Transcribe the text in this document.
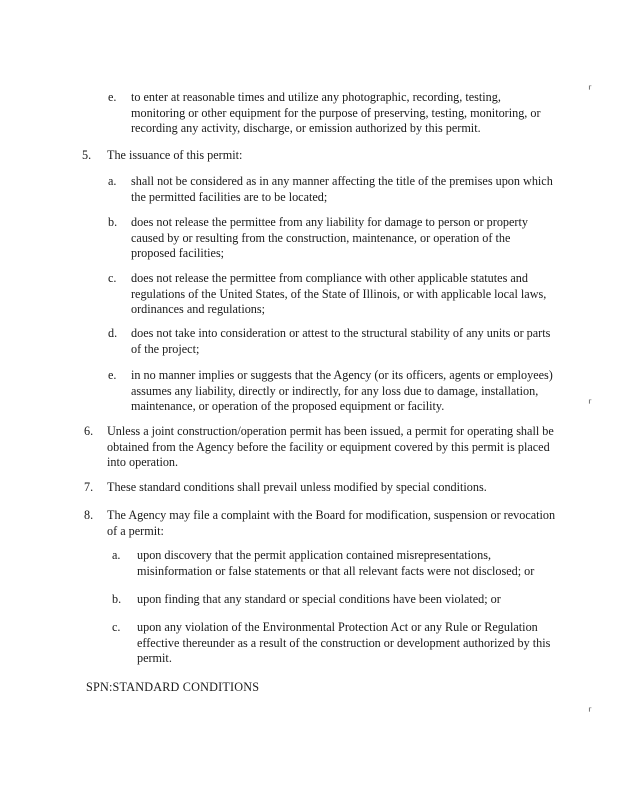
e. to enter at reasonable times and utilize any photographic, recording, testing,
monitoring or other equipment for the purpose of preserving, testing, monitoring, or
recording any activity, discharge, or emission authorized by this permit.
5. The issuance of this permit:
a. shall not be considered as in any manner affecting the title of the premises upon which
the permitted facilities are to be located;
b. does not release the permittee from any liability for damage to person or property
caused by or resulting from the construction, maintenance, or operation of the
proposed facilities;
c. does not release the permittee from compliance with other applicable statutes and
regulations of the United States, of the State of Illinois, or with applicable local laws,
ordinances and regulations;
d. does not take into consideration or attest to the structural stability of any units or parts
of the project;
e. in no manner implies or suggests that the Agency (or its officers, agents or employees)
assumes any liability, directly or indirectly, for any loss due to damage, installation,
maintenance, or operation of the proposed equipment or facility.
6. Unless a joint construction/operation permit has been issued, a permit for operating shall be
obtained from the Agency before the facility or equipment covered by this permit is placed
into operation.
7. These standard conditions shall prevail unless modified by special conditions.
8. The Agency may file a complaint with the Board for modification, suspension or revocation
of a permit:
a. upon discovery that the permit application contained misrepresentations,
misinformation or false statements or that all relevant facts were not disclosed; or
b. upon finding that any standard or special conditions have been violated; or
c. upon any violation of the Environmental Protection Act or any Rule or Regulation
effective thereunder as a result of the construction or development authorized by this
permit.
SPN:STANDARD CONDITIONS
⸢
⸢
⸢
